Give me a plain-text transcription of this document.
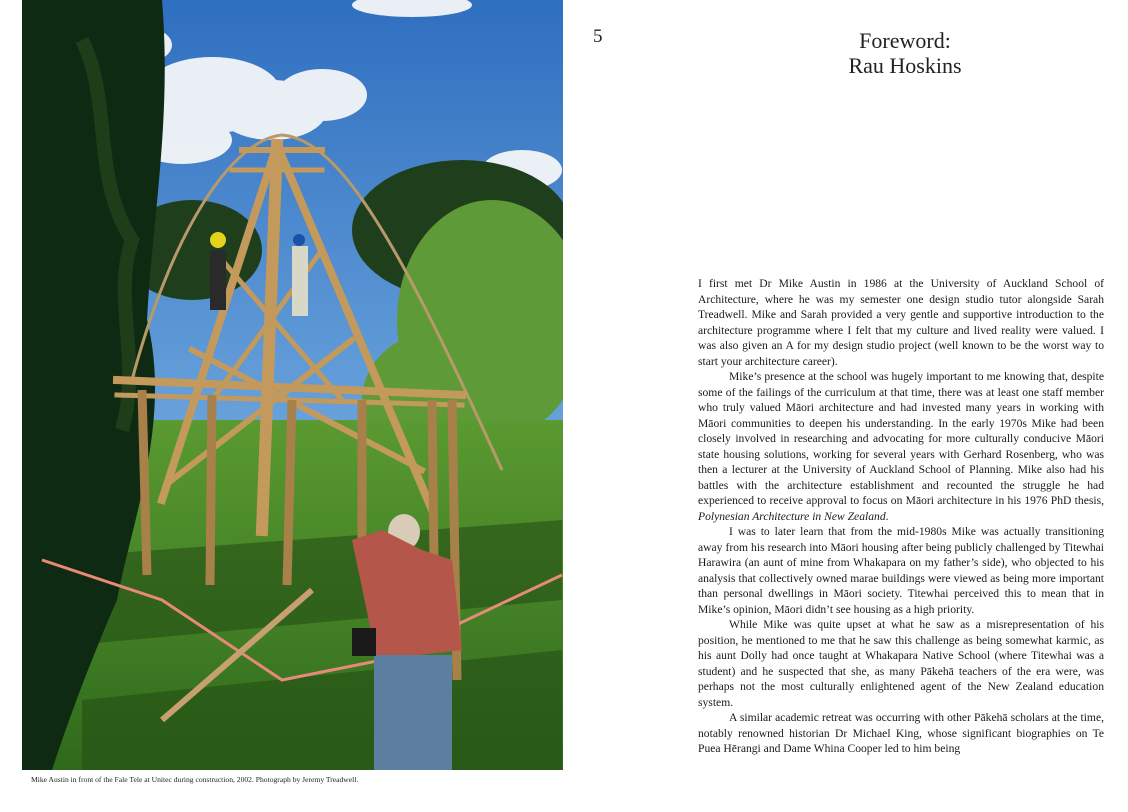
Mike Austin in front of the Fale Tele at Unitec during construction, 2002. Photograph by Jeremy Treadwell.
5	Foreword:
Rau Hoskins

I first met Dr Mike Austin in 1986 at the University of Auckland School of Architecture, where he was my semester one design studio tutor alongside Sarah Treadwell. Mike and Sarah provided a very gentle and supportive introduction to the architecture programme where I felt that my culture and lived reality were valued. I was also given an A for my design studio project (well known to be the worst way to start your architecture career).

Mike’s presence at the school was hugely important to me knowing that, despite some of the failings of the curriculum at that time, there was at least one staff member who truly valued Māori architecture and had invested many years in working with Māori communities to deepen his understanding. In the early 1970s Mike had been closely involved in researching and advocating for more culturally conducive Māori state housing solutions, working for several years with Gerhard Rosenberg, who was then a lecturer at the University of Auckland School of Planning. Mike also had his battles with the architecture establishment and recounted the struggle he had experienced to receive approval to focus on Māori architecture in his 1976 PhD thesis, Polynesian Architecture in New Zealand.

I was to later learn that from the mid-1980s Mike was actually transitioning away from his research into Māori housing after being publicly challenged by Titewhai Harawira (an aunt of mine from Whakapara on my father’s side), who objected to his analysis that collectively owned marae buildings were viewed as being more important than personal dwellings in Māori society. Titewhai perceived this to mean that in Mike’s opinion, Māori didn’t see housing as a high priority.

While Mike was quite upset at what he saw as a misrepresentation of his position, he mentioned to me that he saw this challenge as being somewhat karmic, as his aunt Dolly had once taught at Whakapara Native School (where Titewhai was a student) and he suspected that she, as many Pākehā teachers of the era were, was perhaps not the most culturally enlightened agent of the New Zealand education system.

A similar academic retreat was occurring with other Pākehā scholars at the time, notably renowned historian Dr Michael King, whose significant biographies on Te Puea Hērangi and Dame Whina Cooper led to him being
